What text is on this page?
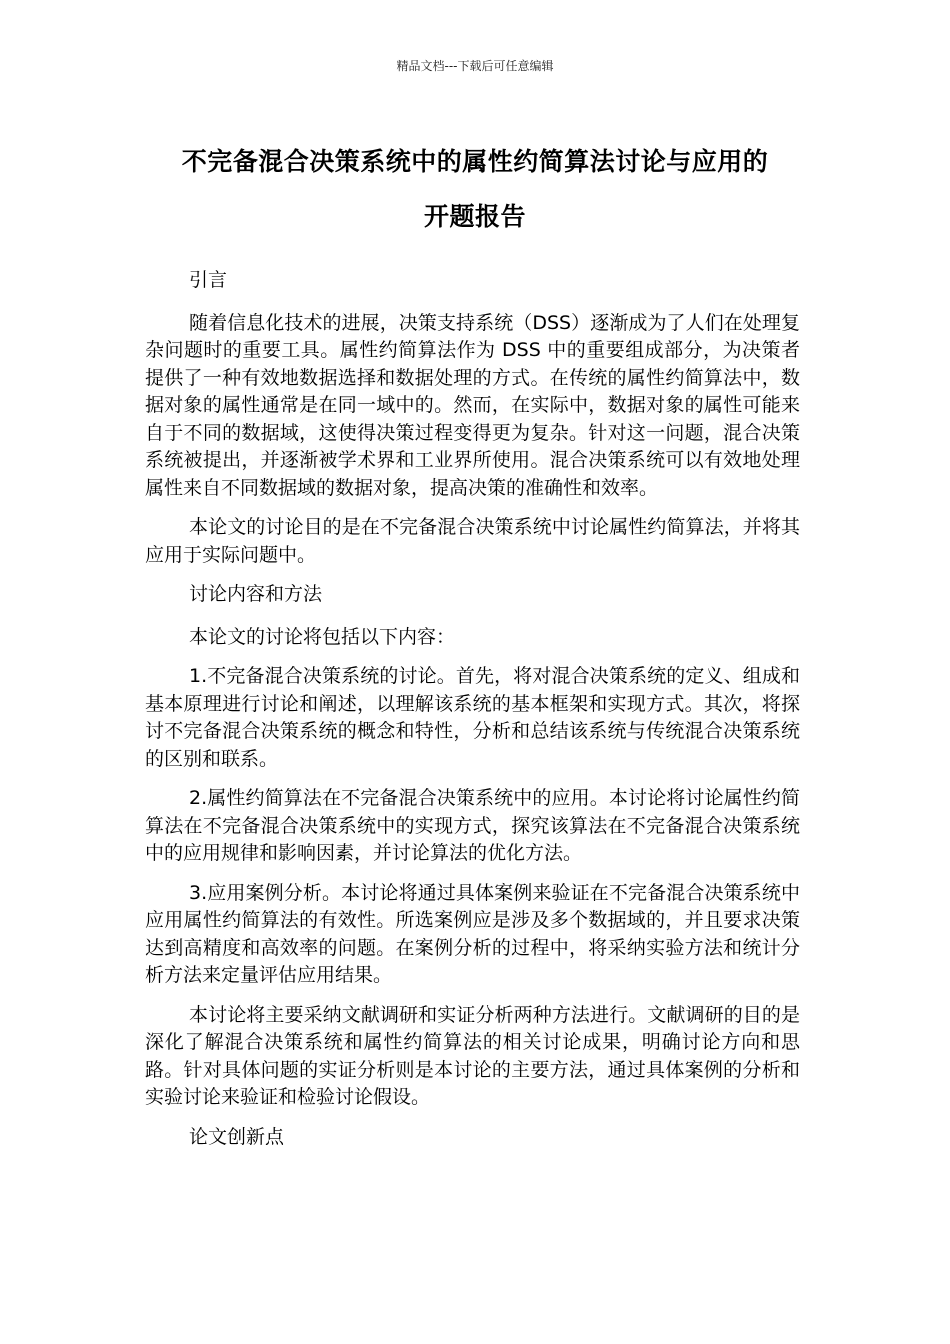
精品文档---下载后可任意编辑
不完备混合决策系统中的属性约简算法讨论与应用的
开题报告

引言

随着信息化技术的进展，决策支持系统（DSS）逐渐成为了人们在处理复杂问题时的重要工具。属性约简算法作为 DSS 中的重要组成部分，为决策者提供了一种有效地数据选择和数据处理的方式。在传统的属性约简算法中，数据对象的属性通常是在同一域中的。然而，在实际中，数据对象的属性可能来自于不同的数据域，这使得决策过程变得更为复杂。针对这一问题，混合决策系统被提出，并逐渐被学术界和工业界所使用。混合决策系统可以有效地处理属性来自不同数据域的数据对象，提高决策的准确性和效率。

本论文的讨论目的是在不完备混合决策系统中讨论属性约简算法，并将其应用于实际问题中。

讨论内容和方法

本论文的讨论将包括以下内容：

1.不完备混合决策系统的讨论。首先，将对混合决策系统的定义、组成和基本原理进行讨论和阐述，以理解该系统的基本框架和实现方式。其次，将探讨不完备混合决策系统的概念和特性，分析和总结该系统与传统混合决策系统的区别和联系。

2.属性约简算法在不完备混合决策系统中的应用。本讨论将讨论属性约简算法在不完备混合决策系统中的实现方式，探究该算法在不完备混合决策系统中的应用规律和影响因素，并讨论算法的优化方法。

3.应用案例分析。本讨论将通过具体案例来验证在不完备混合决策系统中应用属性约简算法的有效性。所选案例应是涉及多个数据域的，并且要求决策达到高精度和高效率的问题。在案例分析的过程中，将采纳实验方法和统计分析方法来定量评估应用结果。

本讨论将主要采纳文献调研和实证分析两种方法进行。文献调研的目的是深化了解混合决策系统和属性约简算法的相关讨论成果，明确讨论方向和思路。针对具体问题的实证分析则是本讨论的主要方法，通过具体案例的分析和实验讨论来验证和检验讨论假设。

论文创新点
